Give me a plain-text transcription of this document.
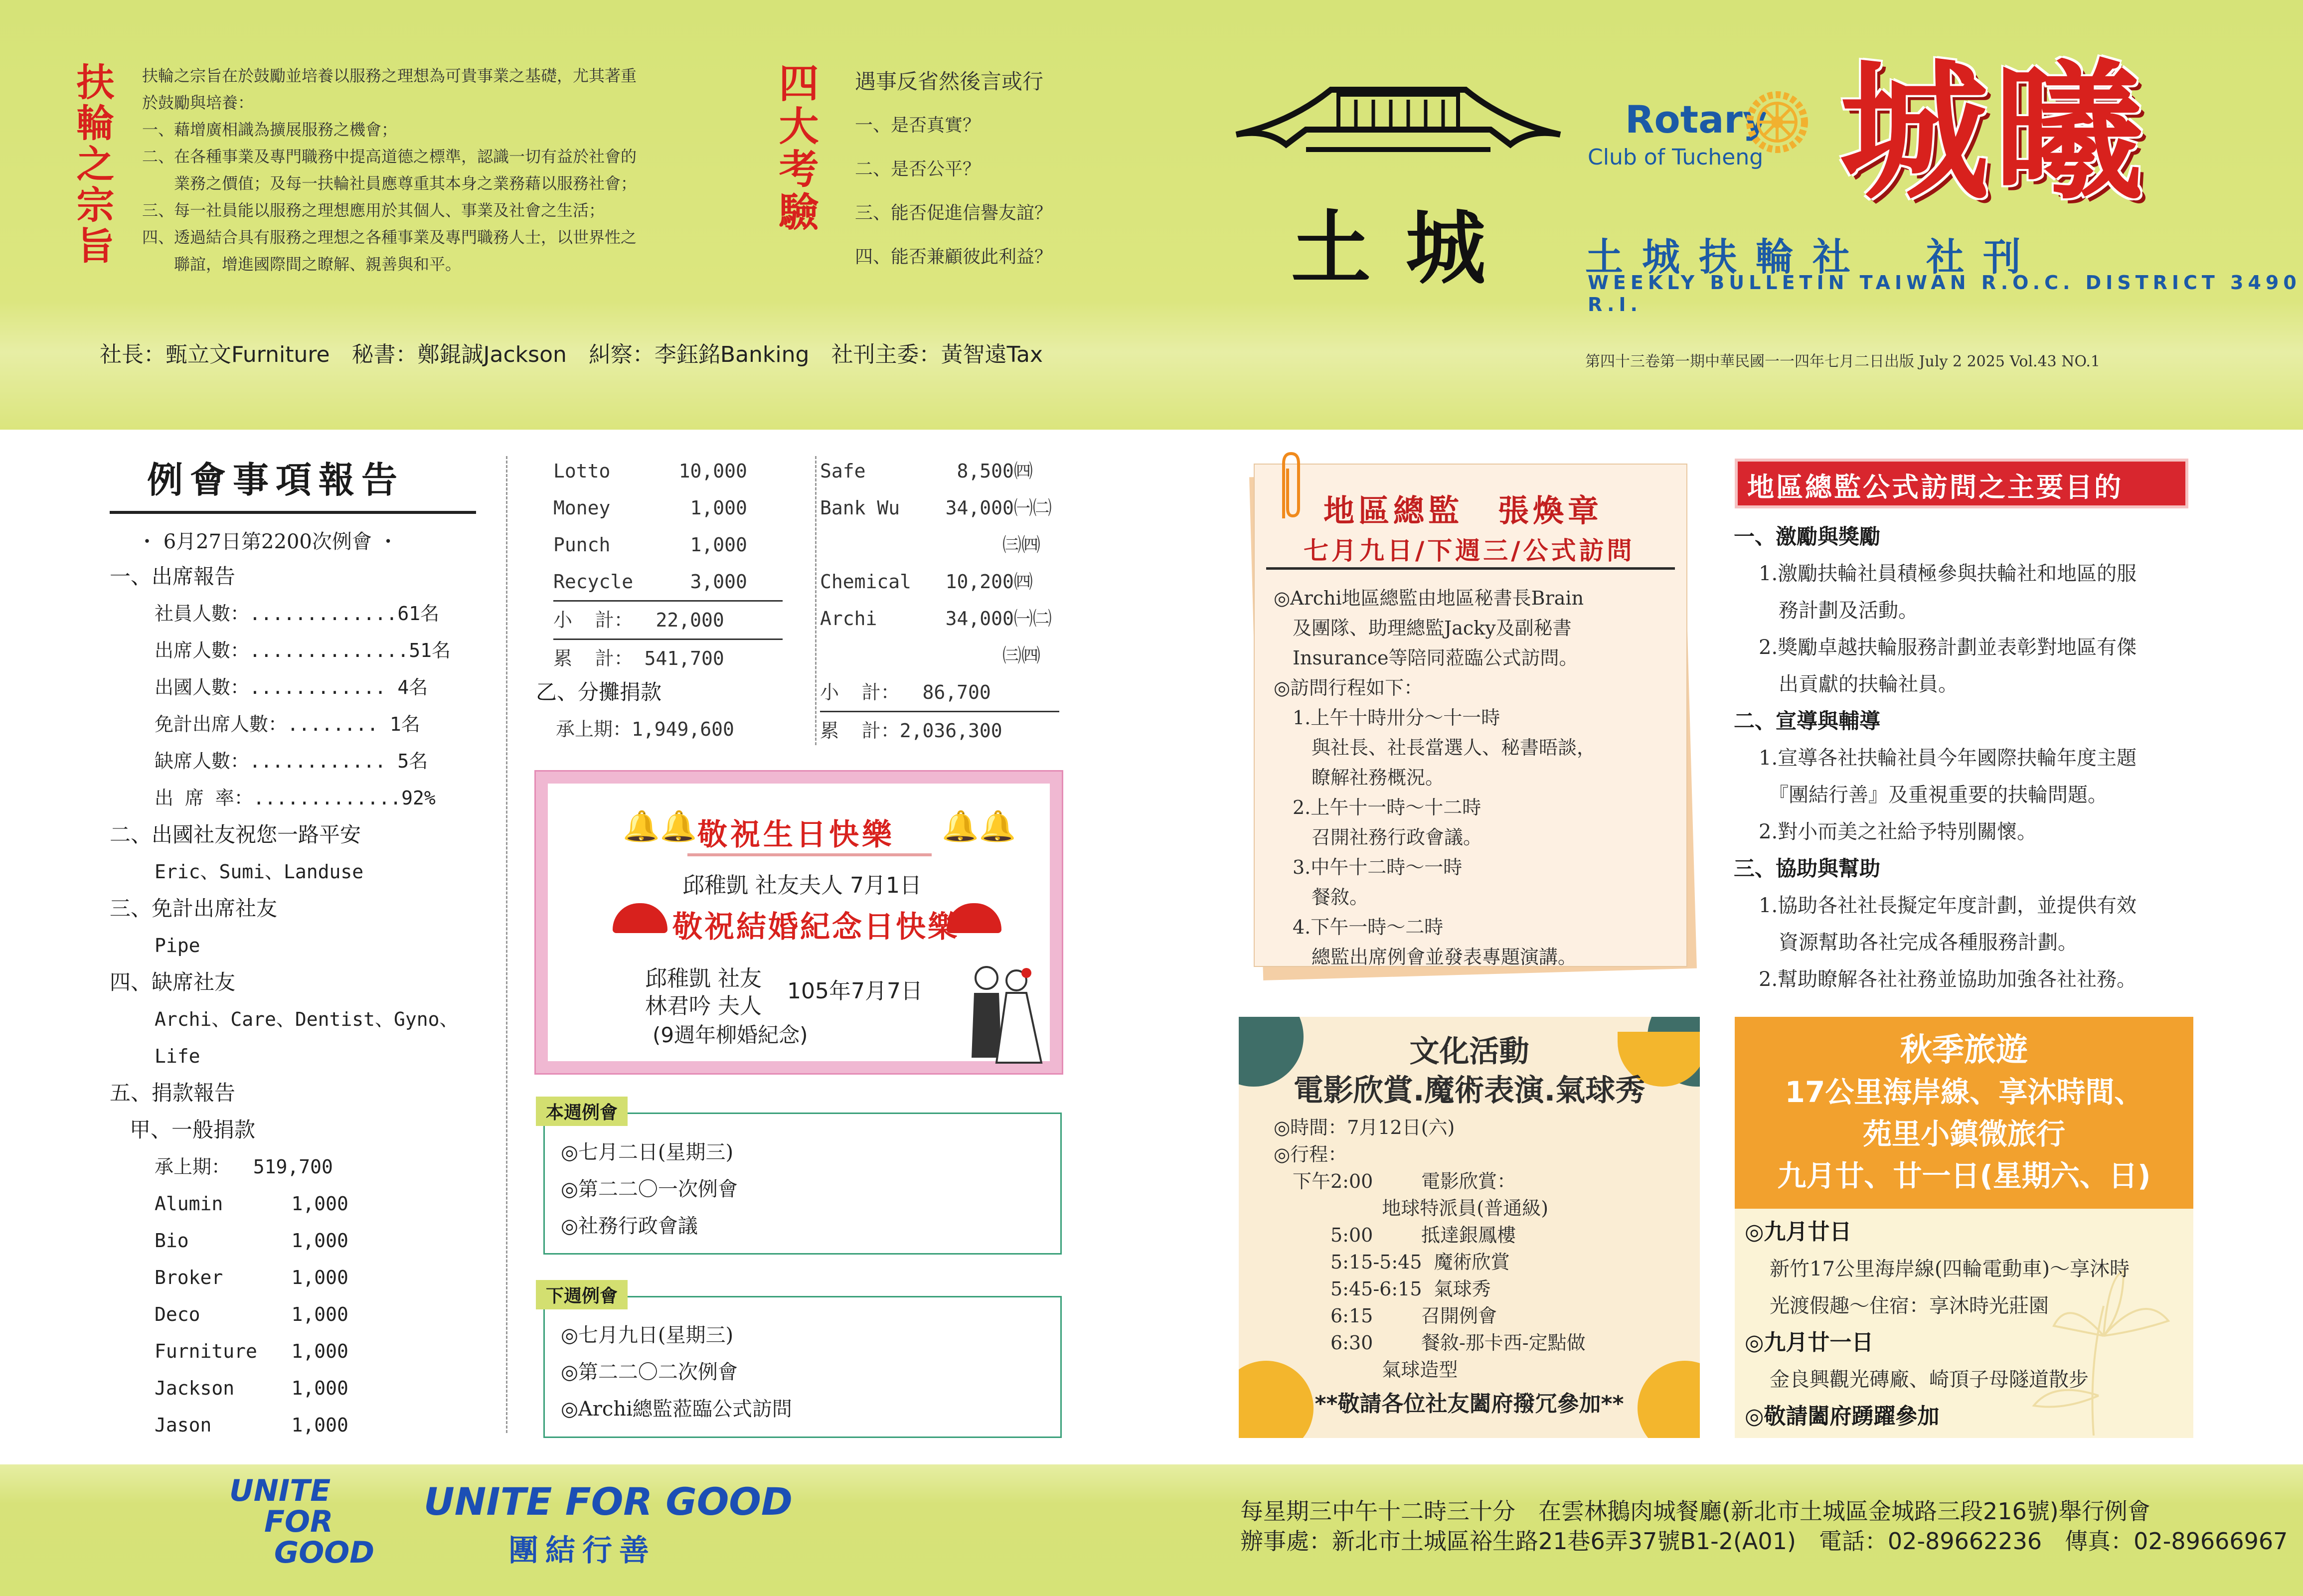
扶輪之宗旨 扶輪之宗旨在於鼓勵並培養以服務之理想為可貴事業之基礎，尤其著重
於鼓勵與培養：
一、藉增廣相識為擴展服務之機會；
二、在各種事業及專門職務中提高道德之標準，認識一切有益於社會的
　　業務之價值；及每一扶輪社員應尊重其本身之業務藉以服務社會；
三、每一社員能以服務之理想應用於其個人、事業及社會之生活；
四、透過結合具有服務之理想之各種事業及專門職務人士，以世界性之
　　聯誼，增進國際間之瞭解、親善與和平。
四大考驗 遇事反省然後言或行
一、是否真實？
二、是否公平？
三、能否促進信譽友誼？
四、能否兼顧彼此利益？	土城
Rotary
Club of Tucheng 城曦
土城扶輪社　社刊
WEEKLY BULLETIN TAIWAN R.O.C. DISTRICT 3490 R.I.
社長：甄立文Furniture　秘書：鄭錕誠Jackson　糾察：李鈺銘Banking　社刊主委：黃智遠Tax	第四十三卷第一期中華民國一一四年七月二日出版 July 2 2025 Vol.43 NO.1
例會事項報告
・ 6月27日第2200次例會 ・
一、出席報告
社員人數：.............61名
出席人數：..............51名
出國人數：............ 4名
免計出席人數：........ 1名
缺席人數：............ 5名
出 席 率：.............92%
二、出國社友祝您一路平安
Eric、Sumi、Landuse
三、免計出席社友
Pipe
四、缺席社友
Archi、Care、Dentist、Gyno、
Life
五、捐款報告
甲、一般捐款
承上期：  519,700
Alumin      1,000
Bio         1,000
Broker      1,000
Deco        1,000
Furniture   1,000
Jackson     1,000
Jason       1,000
Lotto      10,000
Money       1,000
Punch       1,000
Recycle     3,000
小  計：  22,000
累  計： 541,700
乙、分攤捐款
承上期：1,949,600
Safe        8,500㈣
Bank Wu    34,000㈠㈡
㈢㈣
Chemical   10,200㈣
Archi      34,000㈠㈡
㈢㈣
小  計：  86,700
累  計：2,036,300
🔔🔔	🔔🔔
敬祝生日快樂
邱稚凱 社友夫人 7月1日
敬祝結婚紀念日快樂
邱稚凱 社友
林君吟 夫人
105年7月7日
(9週年柳婚紀念)
本週例會
◎七月二日(星期三)
◎第二二〇一次例會
◎社務行政會議
下週例會
◎七月九日(星期三)
◎第二二〇二次例會
◎Archi總監蒞臨公式訪問
地區總監　張煥章
七月九日/下週三/公式訪問
◎Archi地區總監由地區秘書長Brain
　及團隊、助理總監Jacky及副秘書
　Insurance等陪同蒞臨公式訪問。
◎訪問行程如下：
　1.上午十時卅分～十一時
　　與社長、社長當選人、秘書晤談，
　　瞭解社務概況。
　2.上午十一時～十二時
　　召開社務行政會議。
　3.中午十二時～一時
　　餐敘。
　4.下午一時～二時
　　總監出席例會並發表專題演講。
地區總監公式訪問之主要目的
一、激勵與獎勵
1.激勵扶輪社員積極參與扶輪社和地區的服
　務計劃及活動。
2.獎勵卓越扶輪服務計劃並表彰對地區有傑
　出貢獻的扶輪社員。
二、宣導與輔導
1.宣導各社扶輪社員今年國際扶輪年度主題
　『團結行善』及重視重要的扶輪問題。
2.對小而美之社給予特別關懷。
三、協助與幫助
1.協助各社社長擬定年度計劃，並提供有效
　資源幫助各社完成各種服務計劃。
2.幫助瞭解各社社務並協助加強各社社務。
文化活動
電影欣賞.魔術表演.氣球秀
◎時間：7月12日(六)
◎行程：
　下午2:00        電影欣賞：
地球特派員(普通級)
　　　5:00        抵達銀鳳樓
　　　5:15-5:45  魔術欣賞
　　　5:45-6:15  氣球秀
　　　6:15        召開例會
　　　6:30        餐敘-那卡西-定點做
氣球造型
**敬請各位社友闔府撥冗參加**
秋季旅遊
17公里海岸線、享沐時間、
苑里小鎮微旅行
九月廿、廿一日(星期六、日)
◎九月廿日
新竹17公里海岸線(四輪電動車)～享沐時
光渡假趣～住宿：享沐時光莊園
◎九月廿一日
金良興觀光磚廠、崎頂子母隧道散步
◎敬請闔府踴躍參加
UNITE
FOR
GOOD
UNITE FOR GOOD
團結行善
每星期三中午十二時三十分　在雲林鵝肉城餐廳(新北市土城區金城路三段216號)舉行例會
辦事處：新北市土城區裕生路21巷6弄37號B1-2(A01)　電話：02-89662236　傳真：02-89666967
